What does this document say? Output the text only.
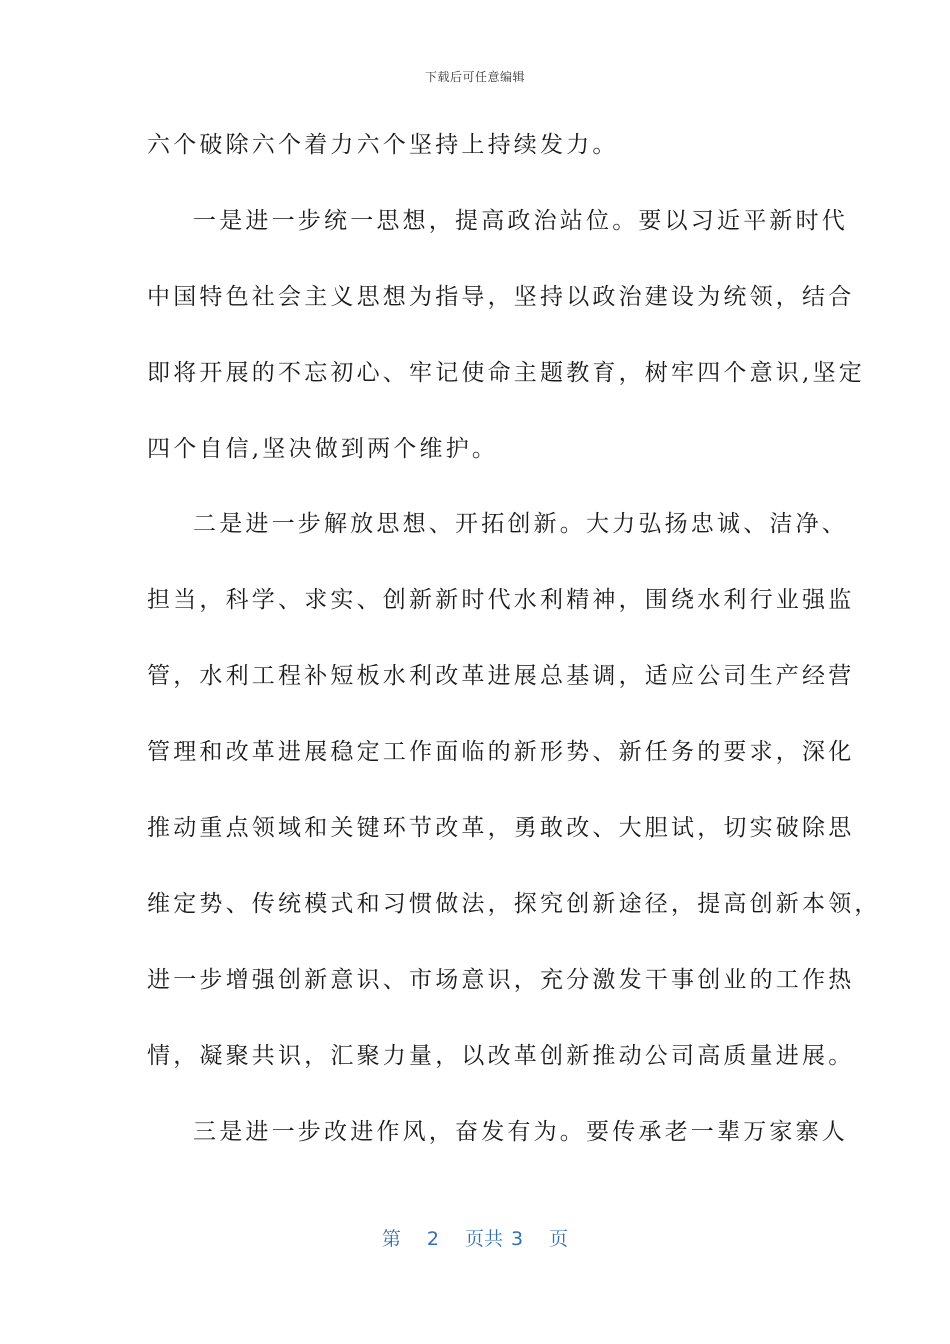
下载后可任意编辑
六个破除六个着力六个坚持上持续发力。
一是进一步统一思想，提高政治站位。要以习近平新时代
中国特色社会主义思想为指导，坚持以政治建设为统领，结合
即将开展的不忘初心、牢记使命主题教育，树牢四个意识,坚定
四个自信,坚决做到两个维护。
二是进一步解放思想、开拓创新。大力弘扬忠诚、洁净、
担当，科学、求实、创新新时代水利精神，围绕水利行业强监
管，水利工程补短板水利改革进展总基调，适应公司生产经营
管理和改革进展稳定工作面临的新形势、新任务的要求，深化
推动重点领域和关键环节改革，勇敢改、大胆试，切实破除思
维定势、传统模式和习惯做法，探究创新途径，提高创新本领，
进一步增强创新意识、市场意识，充分激发干事创业的工作热
情，凝聚共识，汇聚力量，以改革创新推动公司高质量进展。
三是进一步改进作风，奋发有为。要传承老一辈万家寨人
第 2 页共 3 页
